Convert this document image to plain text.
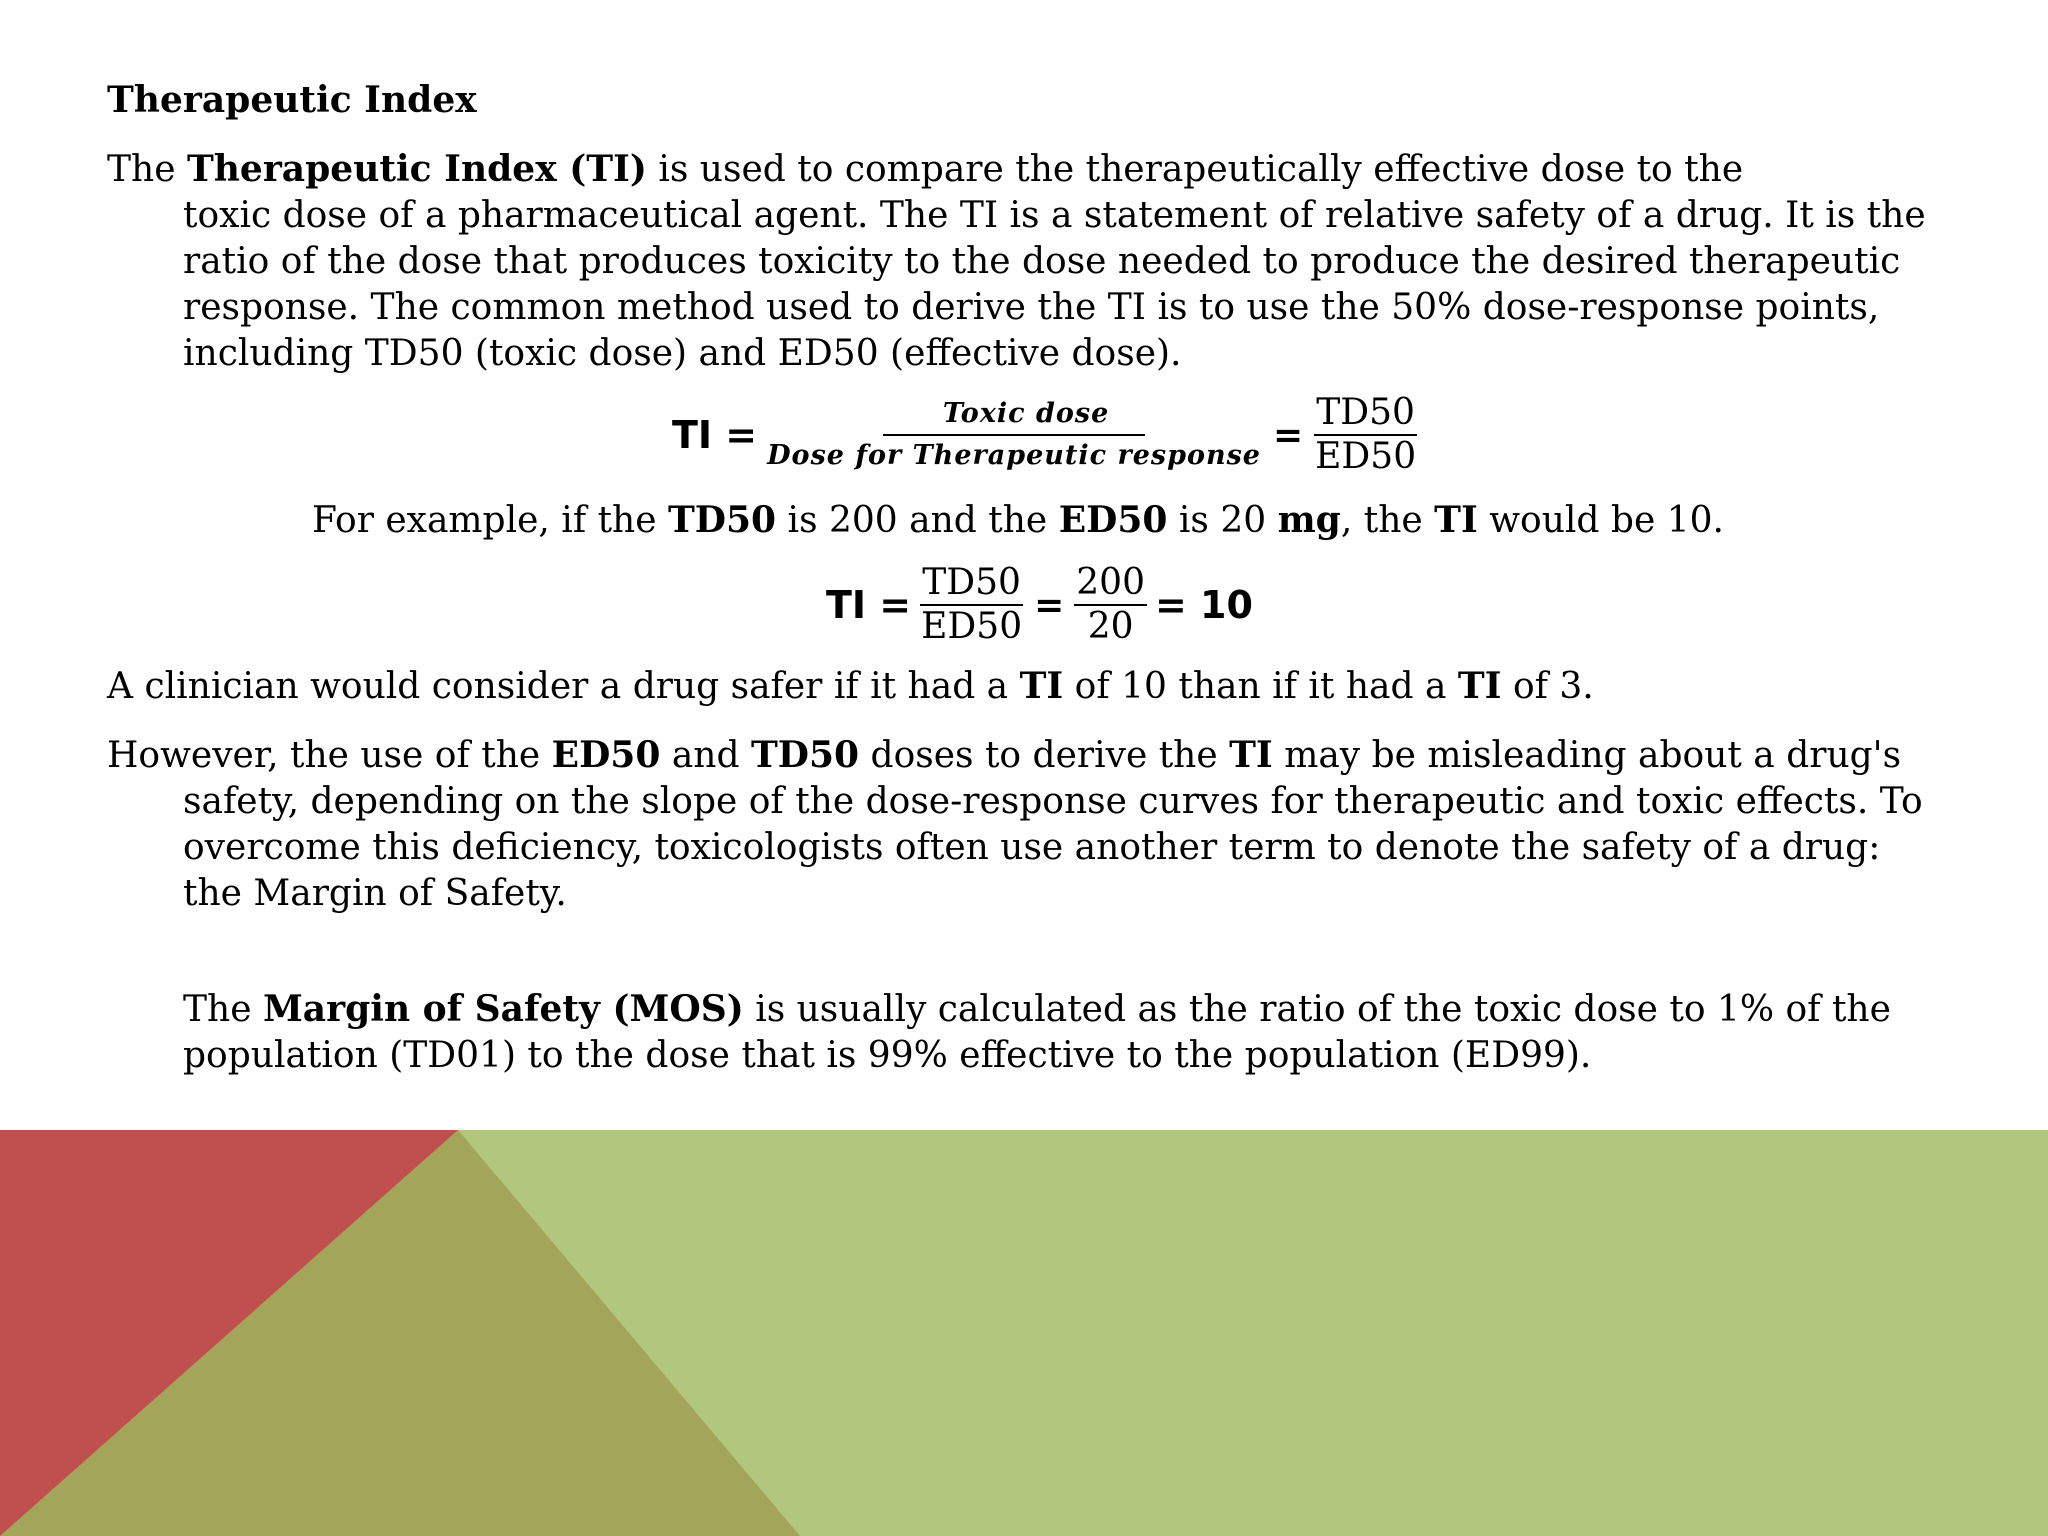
Therapeutic Index
The Therapeutic Index (TI) is used to compare the therapeutically effective dose to the
toxic dose of a pharmaceutical agent. The TI is a statement of relative safety of a drug. It is the
ratio of the dose that produces toxicity to the dose needed to produce the desired therapeutic
response. The common method used to derive the TI is to use the 50% dose-response points,
including TD50 (toxic dose) and ED50 (effective dose).
TI = $\frac{\text{Toxic dose}}{\text{Dose for Therapeutic response}} = \frac{TD50}{ED50}$
For example, if the TD50 is 200 and the ED50 is 20 mg, the TI would be 10.
TI = $\frac{TD50}{ED50} = \frac{200}{20} = 10$
A clinician would consider a drug safer if it had a TI of 10 than if it had a TI of 3.
However, the use of the ED50 and TD50 doses to derive the TI may be misleading about a drug's
safety, depending on the slope of the dose-response curves for therapeutic and toxic effects. To
overcome this deficiency, toxicologists often use another term to denote the safety of a drug:
the Margin of Safety.
The Margin of Safety (MOS) is usually calculated as the ratio of the toxic dose to 1% of the
population (TD01) to the dose that is 99% effective to the population (ED99).
